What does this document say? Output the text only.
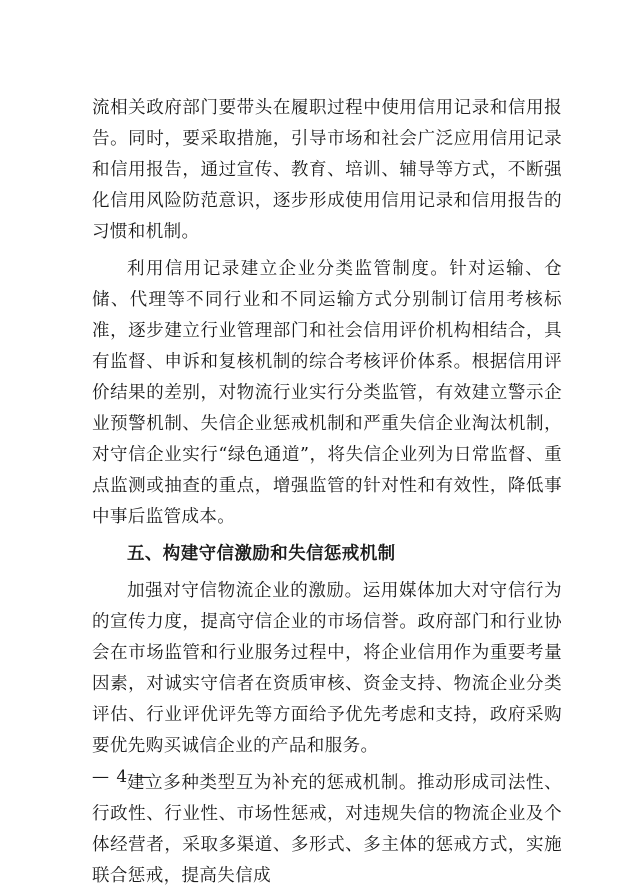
流相关政府部门要带头在履职过程中使用信用记录和信用报告。同时，要采取措施，引导市场和社会广泛应用信用记录和信用报告，通过宣传、教育、培训、辅导等方式，不断强化信用风险防范意识，逐步形成使用信用记录和信用报告的习惯和机制。

利用信用记录建立企业分类监管制度。针对运输、仓储、代理等不同行业和不同运输方式分别制订信用考核标准，逐步建立行业管理部门和社会信用评价机构相结合，具有监督、申诉和复核机制的综合考核评价体系。根据信用评价结果的差别，对物流行业实行分类监管，有效建立警示企业预警机制、失信企业惩戒机制和严重失信企业淘汰机制，对守信企业实行“绿色通道”，将失信企业列为日常监督、重点监测或抽查的重点，增强监管的针对性和有效性，降低事中事后监管成本。

五、构建守信激励和失信惩戒机制

加强对守信物流企业的激励。运用媒体加大对守信行为的宣传力度，提高守信企业的市场信誉。政府部门和行业协会在市场监管和行业服务过程中，将企业信用作为重要考量因素，对诚实守信者在资质审核、资金支持、物流企业分类评估、行业评优评先等方面给予优先考虑和支持，政府采购要优先购买诚信企业的产品和服务。

建立多种类型互为补充的惩戒机制。推动形成司法性、行政性、行业性、市场性惩戒，对违规失信的物流企业及个体经营者，采取多渠道、多形式、多主体的惩戒方式，实施联合惩戒，提高失信成

— 4 —
